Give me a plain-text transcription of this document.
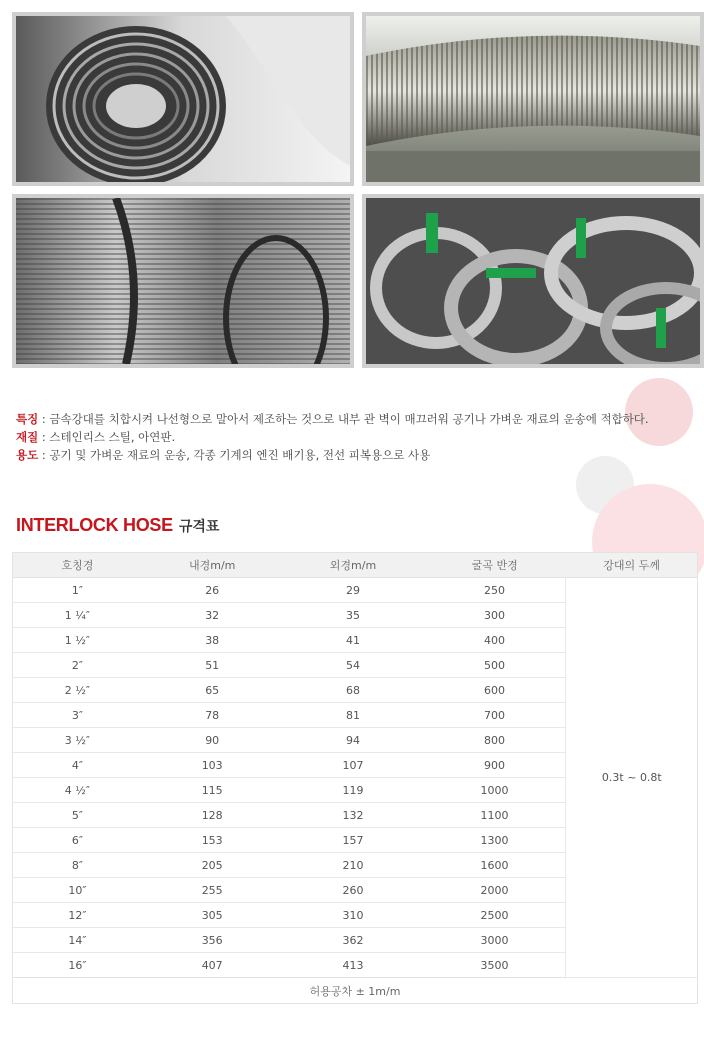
특징 : 금속강대를 치합시켜 나선형으로 말아서 제조하는 것으로 내부 관 벽이 매끄러워 공기나 가벼운 재료의 운송에 적합하다.
재질 : 스테인리스 스틸, 아연판.
용도 : 공기 및 가벼운 재료의 운송, 각종 기계의 엔진 배기용, 전선 피복용으로 사용
INTERLOCK HOSE 규격표
호칭경	내경m/m	외경m/m	굴곡 반경	강대의 두께
1″	26	29	250	0.3t ~ 0.8t
1 ¼″	32	35	300	
1 ½″	38	41	400	
2″	51	54	500	
2 ½″	65	68	600	
3″	78	81	700	
3 ½″	90	94	800	
4″	103	107	900	
4 ½″	115	119	1000	
5″	128	132	1100	
6″	153	157	1300	
8″	205	210	1600	
10″	255	260	2000	
12″	305	310	2500	
14″	356	362	3000	
16″	407	413	3500	
허용공차 ± 1m/m				
